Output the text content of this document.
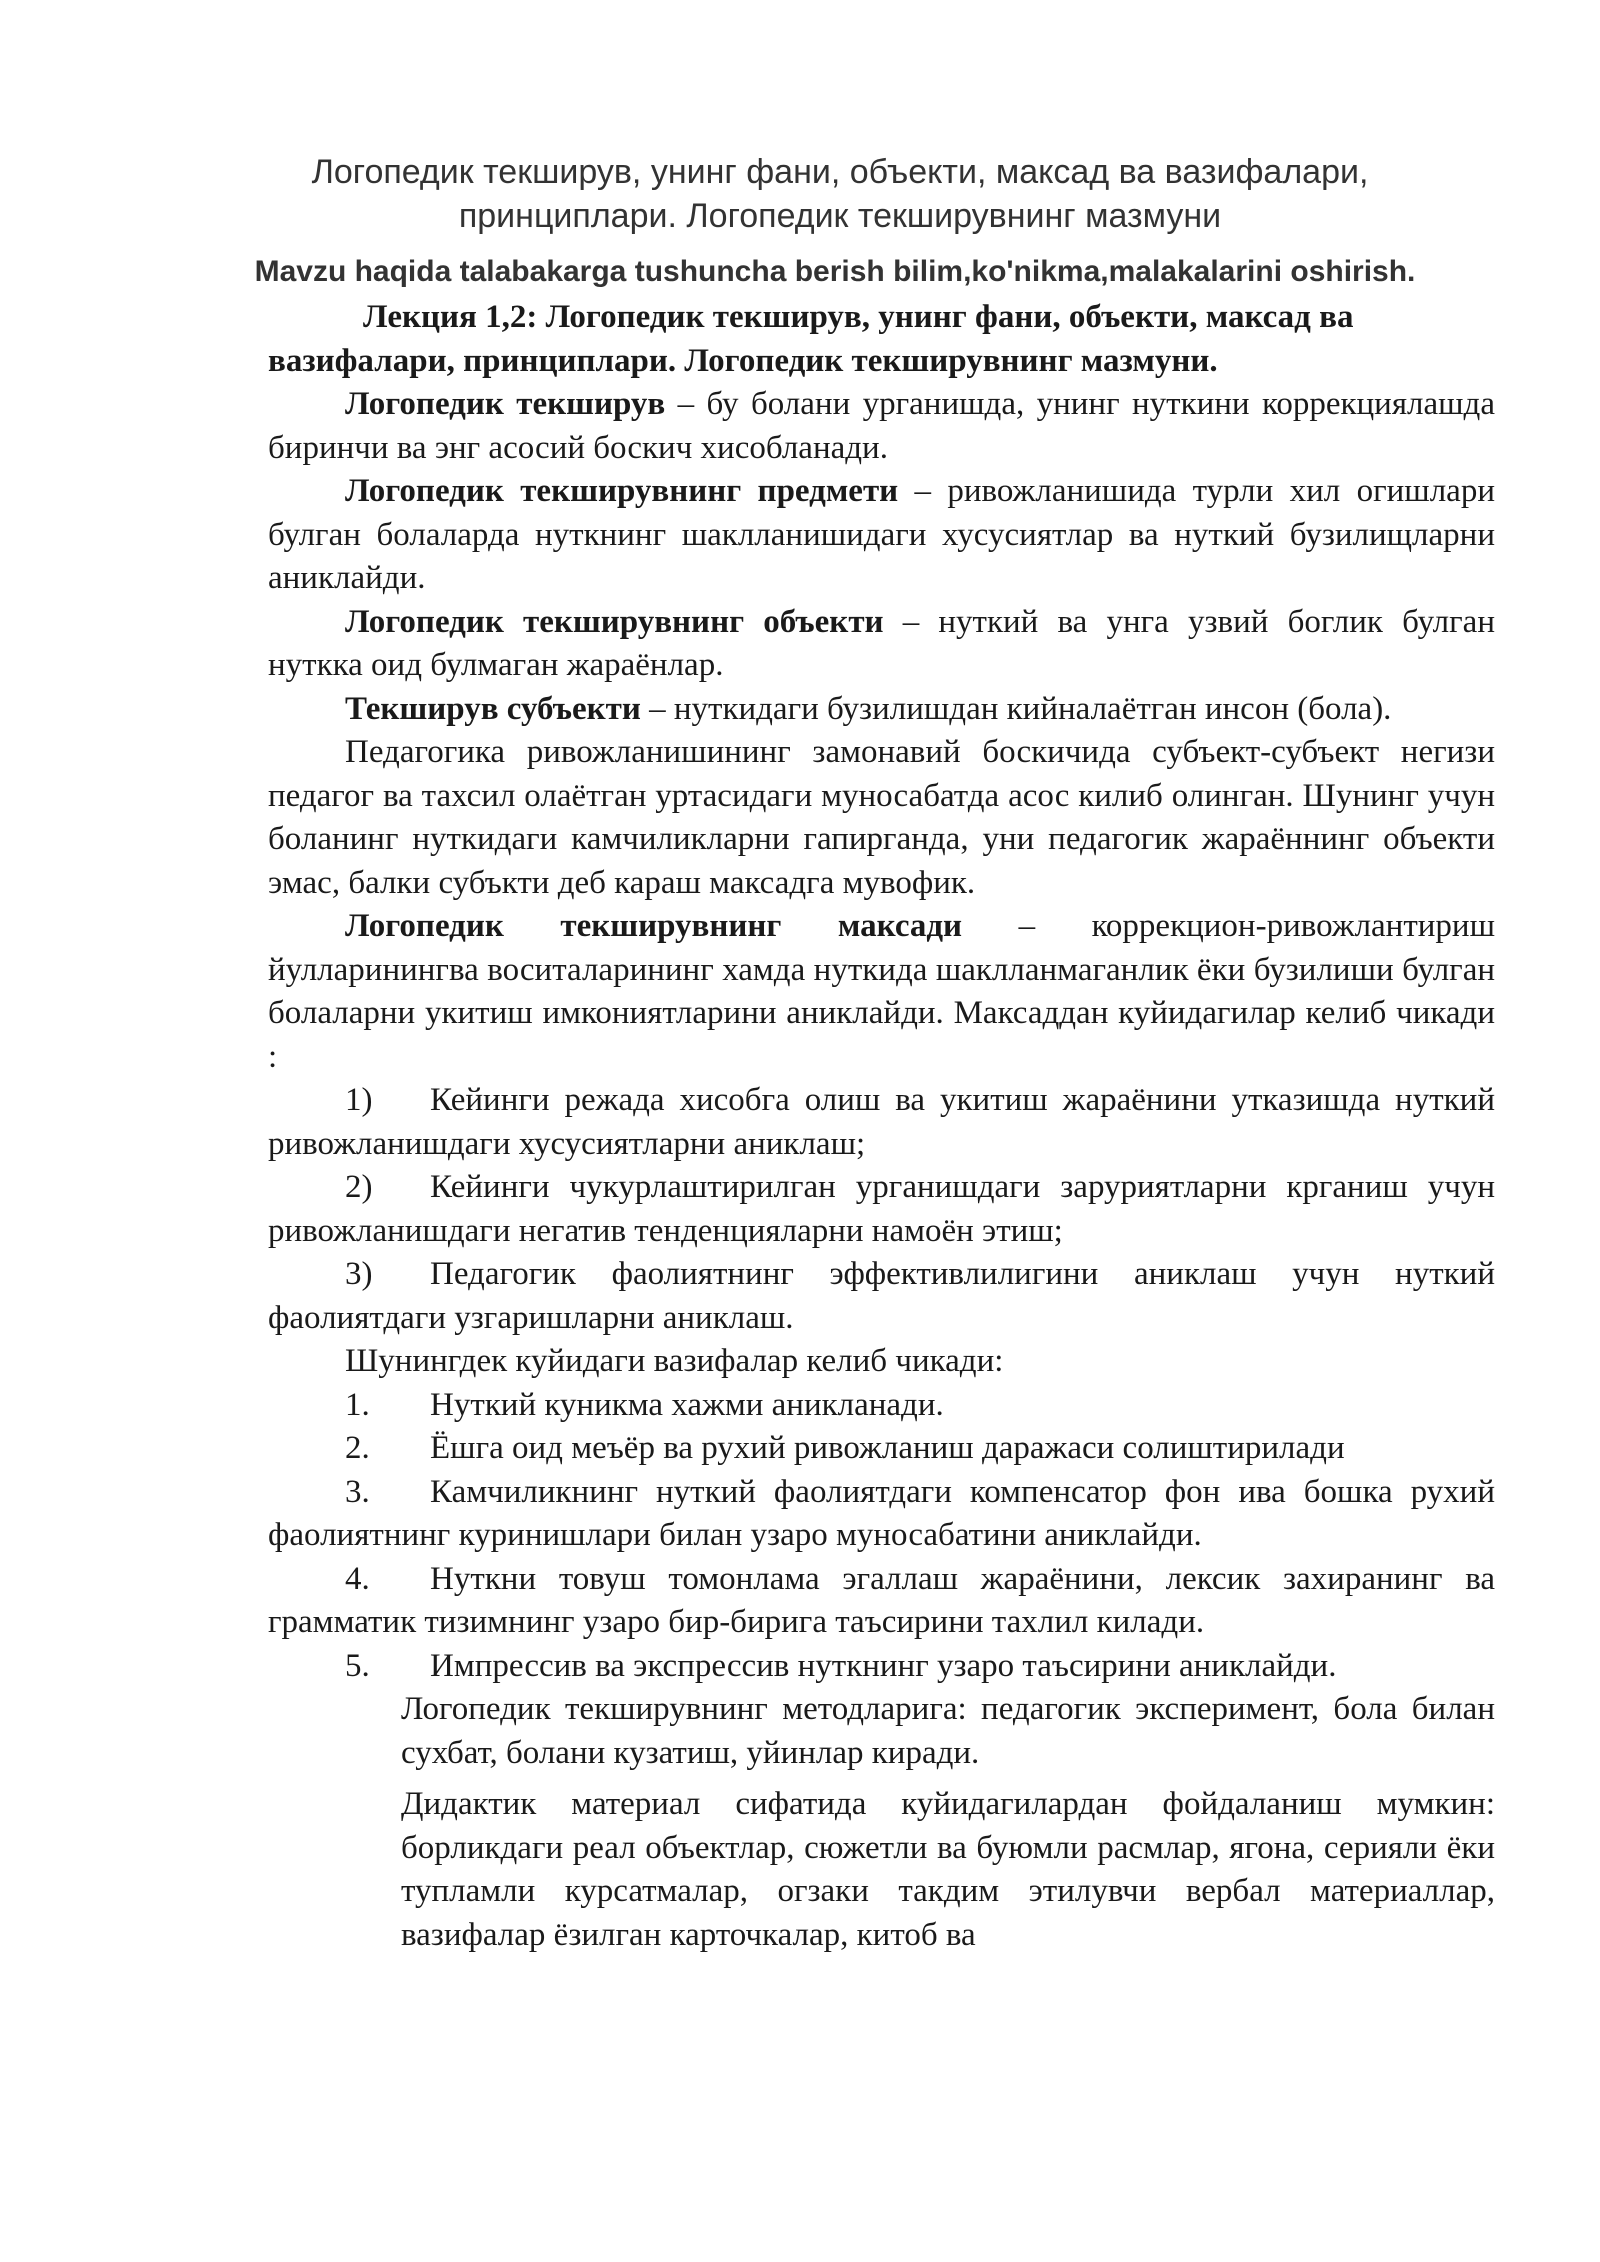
Логопедик текширув, унинг фани, объекти, максад ва вазифалари,
принциплари. Логопедик текширувнинг мазмуни
Mavzu haqida talabakarga tushuncha berish bilim,ko'nikma,malakalarini oshirish.

Лекция 1,2: Логопедик текширув, унинг фани, объекти, максад ва вазифалари, принциплари. Логопедик текширувнинг мазмуни.

Логопедик текширув – бу болани урганишда, унинг нуткини коррекциялашда биринчи ва энг асосий боскич хисобланади.

Логопедик текширувнинг предмети – ривожланишида турли хил огишлари булган болаларда нуткнинг шаклланишидаги хусусиятлар ва нуткий бузилищларни аниклайди.

Логопедик текширувнинг объекти – нуткий ва унга узвий боглик булган нуткка оид булмаган жараёнлар.

Текширув субъекти – нуткидаги бузилишдан кийналаётган инсон (бола).

Педагогика ривожланишининг замонавий боскичида субъект-субъект негизи педагог ва тахсил олаётган уртасидаги муносабатда асос килиб олинган. Шунинг учун боланинг нуткидаги камчиликларни гапирганда, уни педагогик жараённинг объекти эмас, балки субъкти деб караш максадга мувофик.

Логопедик текширувнинг максади – коррекцион-ривожлантириш йулларинингва воситаларининг хамда нуткида шаклланмаганлик ёки бузилиши булган болаларни укитиш имкониятларини аниклайди. Максаддан куйидагилар келиб чикади :

1) Кейинги режада хисобга олиш ва укитиш жараёнини утказишда нуткий ривожланишдаги хусусиятларни аниклаш;

2) Кейинги чукурлаштирилган урганишдаги заруриятларни крганиш учун ривожланишдаги негатив тенденцияларни намоён этиш;

3) Педагогик фаолиятнинг эффективлилигини аниклаш учун нуткий фаолиятдаги узгаришларни аниклаш.

Шунингдек куйидаги вазифалар келиб чикади:

1. Нуткий куникма хажми аникланади.

2. Ёшга оид меъёр ва рухий ривожланиш даражаси солиштирилади

3. Камчиликнинг нуткий фаолиятдаги компенсатор фон ива бошка рухий фаолиятнинг куринишлари билан узаро муносабатини аниклайди.

4. Нуткни товуш томонлама эгаллаш жараёнини, лексик захиранинг ва грамматик тизимнинг узаро бир-бирига таъсирини тахлил килади.

5. Импрессив ва экспрессив нуткнинг узаро таъсирини аниклайди.

Логопедик текширувнинг методларига: педагогик эксперимент, бола билан сухбат, болани кузатиш, уйинлар киради.

Дидактик материал сифатида куйидагилардан фойдаланиш мумкин: борликдаги реал объектлар, сюжетли ва буюмли расмлар, ягона, серияли ёки тупламли курсатмалар, огзаки такдим этилувчи вербал материаллар, вазифалар ёзилган карточкалар, китоб ва
